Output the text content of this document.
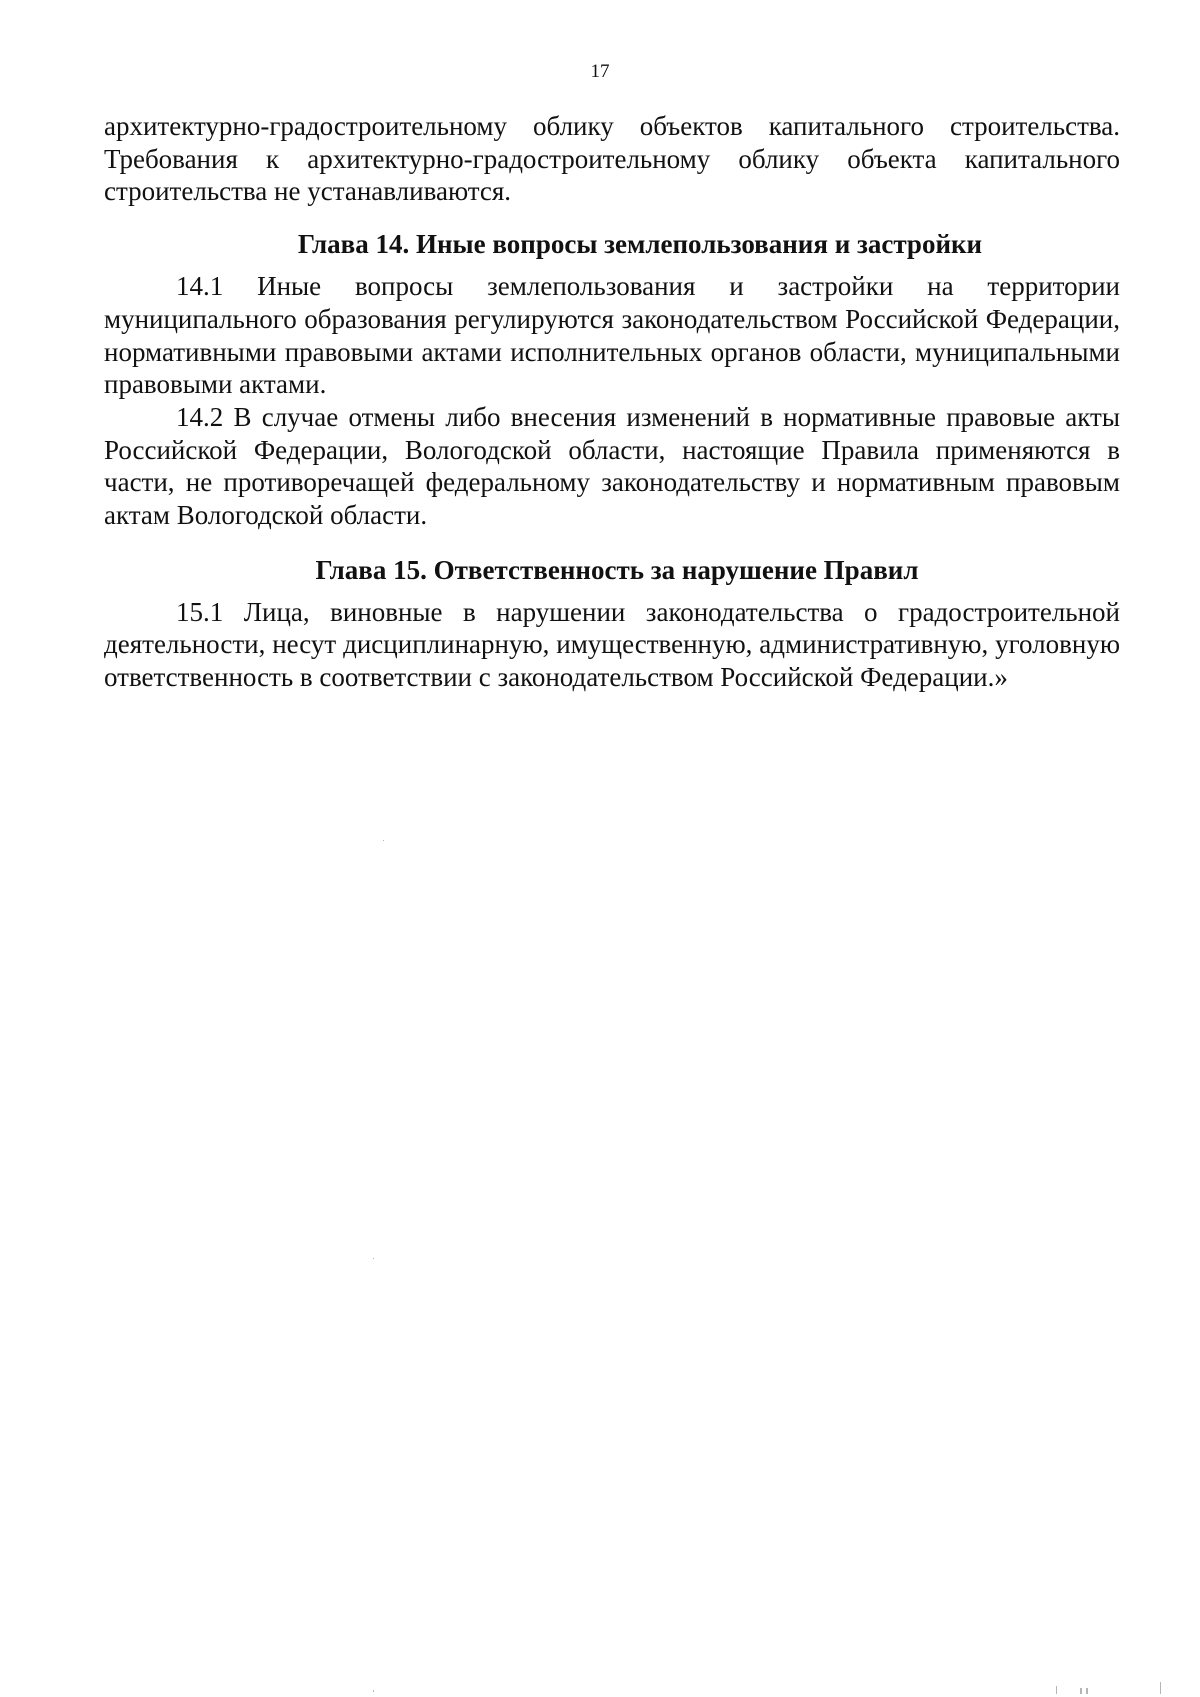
17

архитектурно-градостроительному облику объектов капитального строительства. Требования к архитектурно-градостроительному облику объекта капитального строительства не устанавливаются.

Глава 14. Иные вопросы землепользования и застройки

14.1 Иные вопросы землепользования и застройки на территории муниципального образования регулируются законодательством Российской Федерации, нормативными правовыми актами исполнительных органов области, муниципальными правовыми актами.

14.2 В случае отмены либо внесения изменений в нормативные правовые акты Российской Федерации, Вологодской области, настоящие Правила применяются в части, не противоречащей федеральному законодательству и нормативным правовым актам Вологодской области.

Глава 15. Ответственность за нарушение Правил

15.1 Лица, виновные в нарушении законодательства о градостроительной деятельности, несут дисциплинарную, имущественную, административную, уголовную ответственность в соответствии с законодательством Российской Федерации.»
